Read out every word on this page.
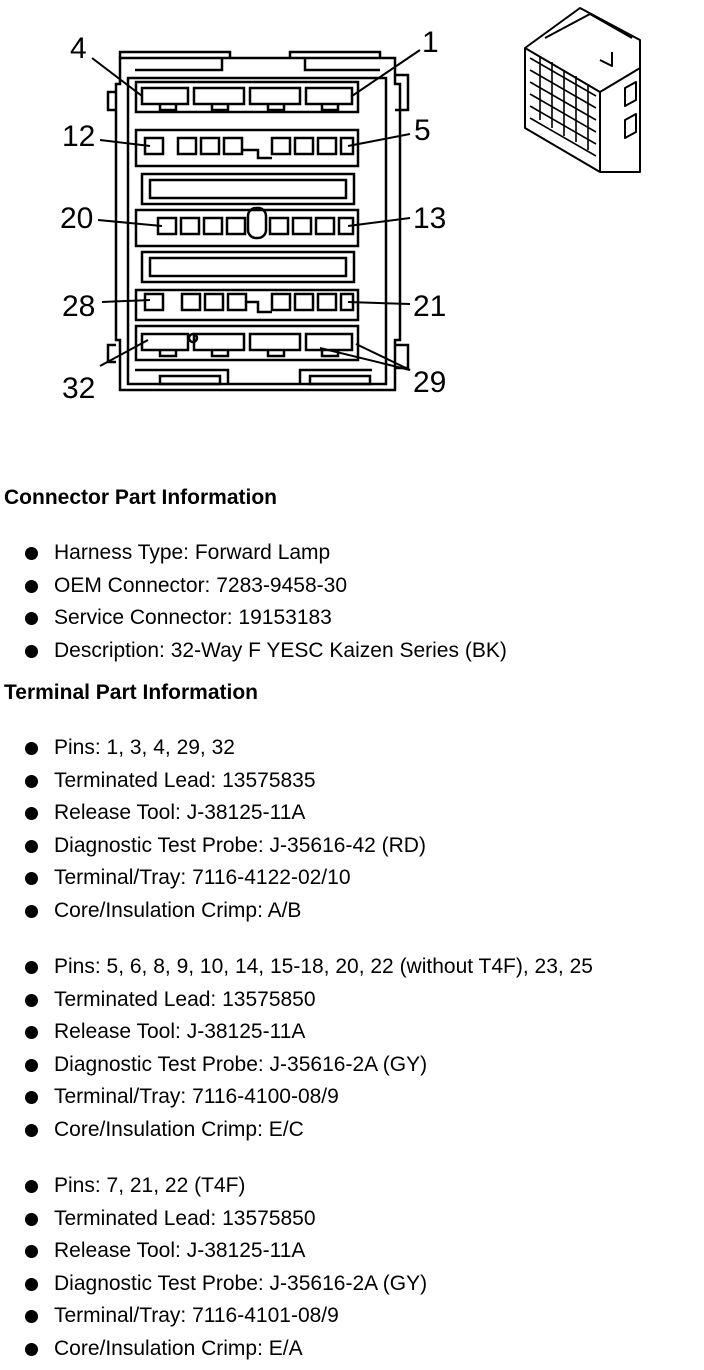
4	1
12	5
20	13
28	21
32	29
Connector Part Information
Harness Type: Forward Lamp
OEM Connector: 7283-9458-30
Service Connector: 19153183
Description: 32-Way F YESC Kaizen Series (BK)
Terminal Part Information
Pins: 1, 3, 4, 29, 32
Terminated Lead: 13575835
Release Tool: J-38125-11A
Diagnostic Test Probe: J-35616-42 (RD)
Terminal/Tray: 7116-4122-02/10
Core/Insulation Crimp: A/B
Pins: 5, 6, 8, 9, 10, 14, 15-18, 20, 22 (without T4F), 23, 25
Terminated Lead: 13575850
Release Tool: J-38125-11A
Diagnostic Test Probe: J-35616-2A (GY)
Terminal/Tray: 7116-4100-08/9
Core/Insulation Crimp: E/C
Pins: 7, 21, 22 (T4F)
Terminated Lead: 13575850
Release Tool: J-38125-11A
Diagnostic Test Probe: J-35616-2A (GY)
Terminal/Tray: 7116-4101-08/9
Core/Insulation Crimp: E/A
